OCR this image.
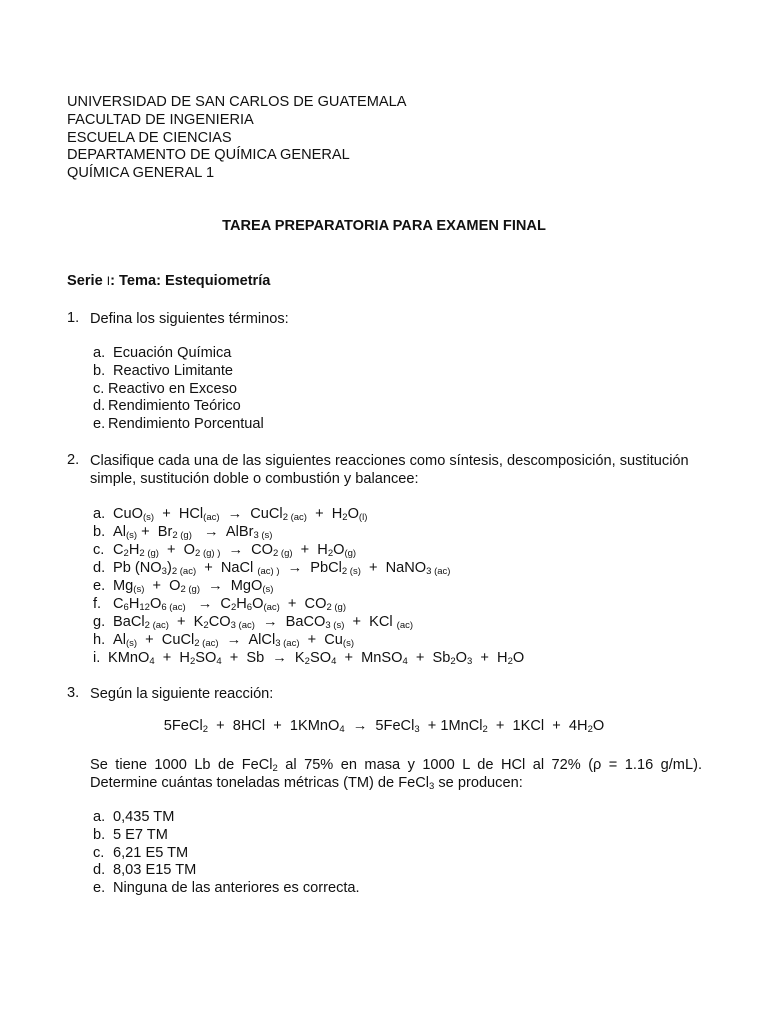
UNIVERSIDAD DE SAN CARLOS DE GUATEMALA
FACULTAD DE INGENIERIA
ESCUELA DE CIENCIAS
DEPARTAMENTO DE QUÍMICA GENERAL
QUÍMICA GENERAL 1
TAREA PREPARATORIA PARA EXAMEN FINAL
Serie I: Tema: Estequiometría
1. Defina los siguientes términos:
a. Ecuación Química
b. Reactivo Limitante
c. Reactivo en Exceso
d. Rendimiento Teórico
e. Rendimiento Porcentual
2. Clasifique cada una de las siguientes reacciones como síntesis, descomposición, sustitución simple, sustitución doble o combustión y balancee:
a. CuO(s)  +  HCl(ac) → CuCl2 (ac)  +  H2O(l)
b. Al(s) +  Br2 (g)  → AlBr3 (s)
c. C2H2 (g)  +  O2 (g) ) → CO2 (g)  +  H2O(g)
d. Pb (NO3)2 (ac)  +  NaCl (ac) ) → PbCl2 (s)  +  NaNO3 (ac)
e. Mg(s)  +  O2 (g) → MgO(s)
f. C6H12O6 (ac)  → C2H6O(ac)  +  CO2 (g)
g. BaCl2 (ac)  +  K2CO3 (ac) → BaCO3 (s)  +  KCl (ac)
h. Al(s)  +  CuCl2 (ac) → AlCl3 (ac)  +  Cu(s)
i. KMnO4  +  H2SO4  +  Sb → K2SO4  +  MnSO4  +  Sb2O3  +  H2O
3. Según la siguiente reacción:
5FeCl2  +  8HCl  +  1KMnO4 → 5FeCl3  + 1MnCl2  +  1KCl  +  4H2O
Se tiene 1000 Lb de FeCl2 al 75% en masa y 1000 L de HCl al 72% (ρ = 1.16 g/mL). Determine cuántas toneladas métricas (TM) de FeCl3 se producen:
a. 0,435 TM
b. 5 E7 TM
c. 6,21 E5 TM
d. 8,03 E15 TM
e. Ninguna de las anteriores es correcta.
